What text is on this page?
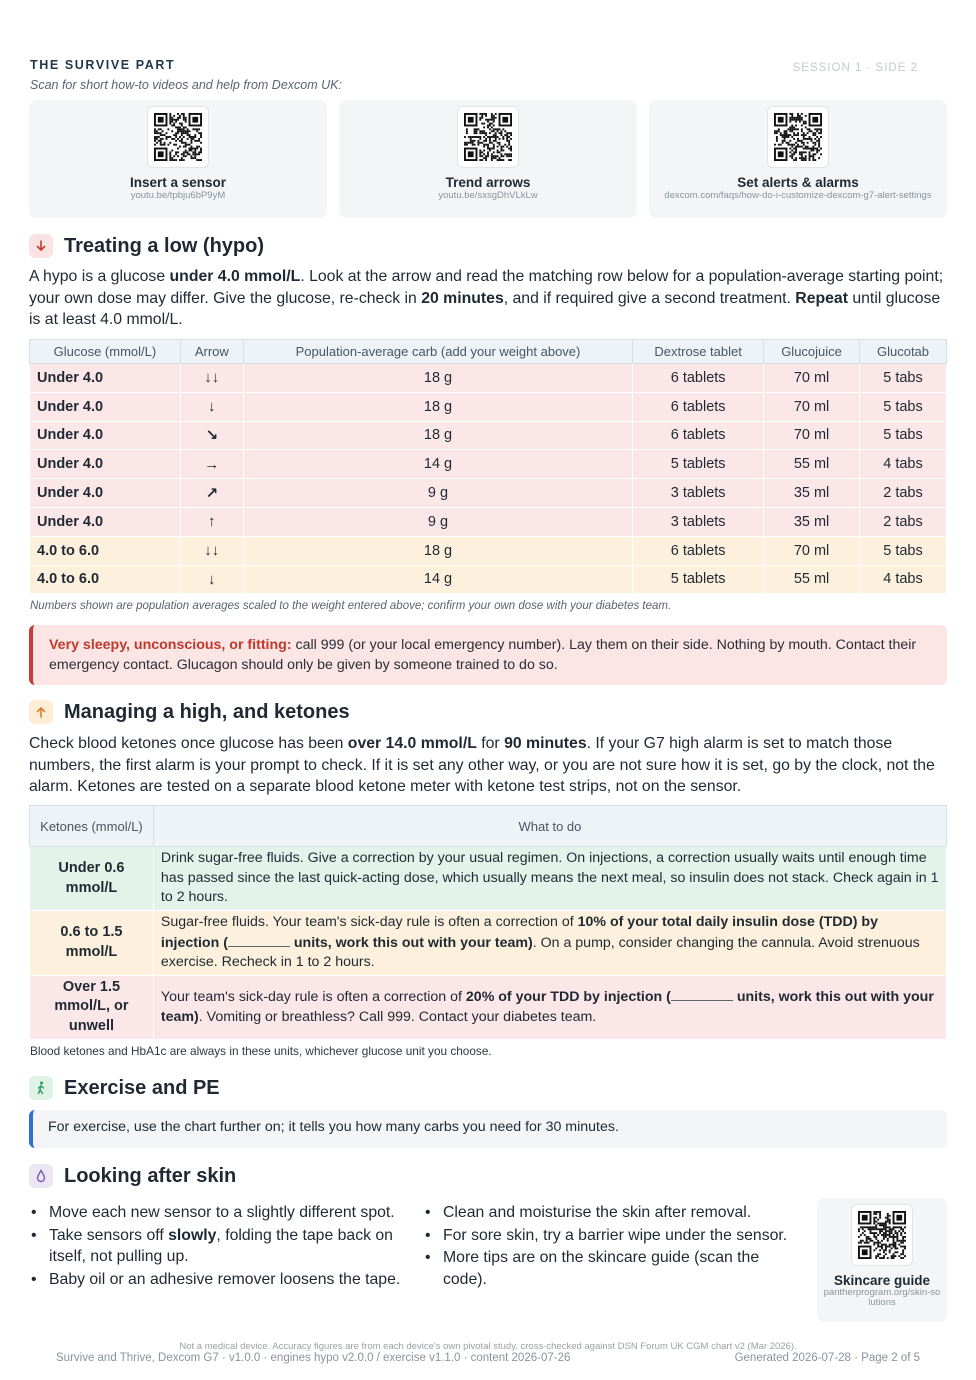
THE SURVIVE PART	SESSION 1 · SIDE 2
Scan for short how-to videos and help from Dexcom UK:
Insert a sensor
youtu.be/tpbju6bP9yM
Trend arrows
youtu.be/sxsgDhVLkLw
Set alerts & alarms
dexcom.com/faqs/how-do-i-customize-dexcom-g7-alert-settings
Treating a low (hypo)
A hypo is a glucose under 4.0 mmol/L. Look at the arrow and read the matching row below for a population-average starting point; your own dose may differ. Give the glucose, re-check in 20 minutes, and if required give a second treatment. Repeat until glucose is at least 4.0 mmol/L.
Glucose (mmol/L)	Arrow	Population-average carb (add your weight above)	Dextrose tablet	Glucojuice	Glucotab
Under 4.0	↓↓	18 g	6 tablets	70 ml	5 tabs
Under 4.0	↓	18 g	6 tablets	70 ml	5 tabs
Under 4.0	↘	18 g	6 tablets	70 ml	5 tabs
Under 4.0	→	14 g	5 tablets	55 ml	4 tabs
Under 4.0	↗	9 g	3 tablets	35 ml	2 tabs
Under 4.0	↑	9 g	3 tablets	35 ml	2 tabs
4.0 to 6.0	↓↓	18 g	6 tablets	70 ml	5 tabs
4.0 to 6.0	↓	14 g	5 tablets	55 ml	4 tabs
Numbers shown are population averages scaled to the weight entered above; confirm your own dose with your diabetes team.
Very sleepy, unconscious, or fitting: call 999 (or your local emergency number). Lay them on their side. Nothing by mouth. Contact their emergency contact. Glucagon should only be given by someone trained to do so.
Managing a high, and ketones
Check blood ketones once glucose has been over 14.0 mmol/L for 90 minutes. If your G7 high alarm is set to match those numbers, the first alarm is your prompt to check. If it is set any other way, or you are not sure how it is set, go by the clock, not the alarm. Ketones are tested on a separate blood ketone meter with ketone test strips, not on the sensor.
Ketones (mmol/L)	What to do
Under 0.6 mmol/L	Drink sugar-free fluids. Give a correction by your usual regimen. On injections, a correction usually waits until enough time has passed since the last quick-acting dose, which usually means the next meal, so insulin does not stack. Check again in 1 to 2 hours.
0.6 to 1.5 mmol/L	Sugar-free fluids. Your team's sick-day rule is often a correction of 10% of your total daily insulin dose (TDD) by injection ( units, work this out with your team). On a pump, consider changing the cannula. Avoid strenuous exercise. Recheck in 1 to 2 hours.
Over 1.5 mmol/L, or unwell	Your team's sick-day rule is often a correction of 20% of your TDD by injection ( units, work this out with your team). Vomiting or breathless? Call 999. Contact your diabetes team.
Blood ketones and HbA1c are always in these units, whichever glucose unit you choose.
Exercise and PE
For exercise, use the chart further on; it tells you how many carbs you need for 30 minutes.
Looking after skin
• Move each new sensor to a slightly different spot.
• Take sensors off slowly, folding the tape back on itself, not pulling up.
• Baby oil or an adhesive remover loosens the tape.
• Clean and moisturise the skin after removal.
• For sore skin, try a barrier wipe under the sensor.
• More tips are on the skincare guide (scan the code).	Skincare guide
pantherprogram.org/skin-solutions
Not a medical device. Accuracy figures are from each device's own pivotal study, cross-checked against DSN Forum UK CGM chart v2 (Mar 2026).
Survive and Thrive, Dexcom G7 · v1.0.0 · engines hypo v2.0.0 / exercise v1.1.0 · content 2026-07-26	Generated 2026-07-28 · Page 2 of 5
